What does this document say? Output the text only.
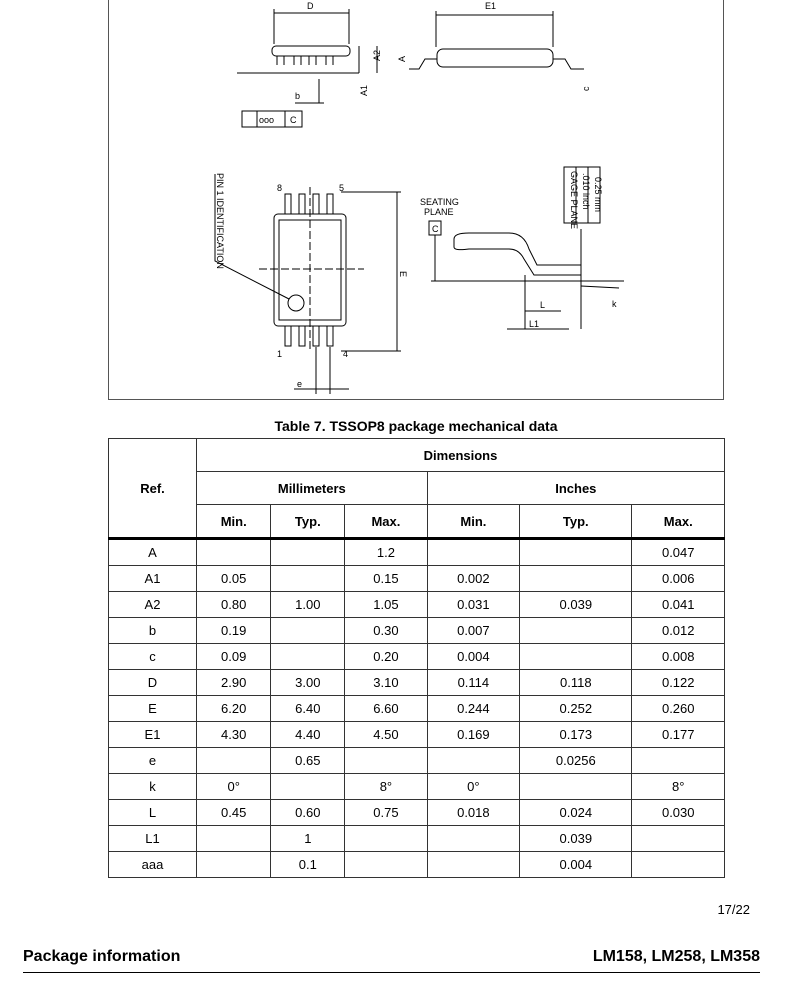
D	E1
A2 A
A1
b
c
ooo C
PIN 1 IDENTIFICATION	8	5
1	4
E
e
SEATING
PLANE
C
0.25 mm
.010 inch
GAGE PLANE
L
L1
k
Table 7. TSSOP8 package mechanical data
Ref.	Dimensions					
	Millimeters			Inches		
	Min.	Typ.	Max.	Min.	Typ.	Max.
A			1.2			0.047
A1	0.05		0.15	0.002		0.006
A2	0.80	1.00	1.05	0.031	0.039	0.041
b	0.19		0.30	0.007		0.012
c	0.09		0.20	0.004		0.008
D	2.90	3.00	3.10	0.114	0.118	0.122
E	6.20	6.40	6.60	0.244	0.252	0.260
E1	4.30	4.40	4.50	0.169	0.173	0.177
e		0.65			0.0256	
k	0°		8°	0°		8°
L	0.45	0.60	0.75	0.018	0.024	0.030
L1		1			0.039	
aaa		0.1			0.004	
17/22
Package information	LM158, LM258, LM358
